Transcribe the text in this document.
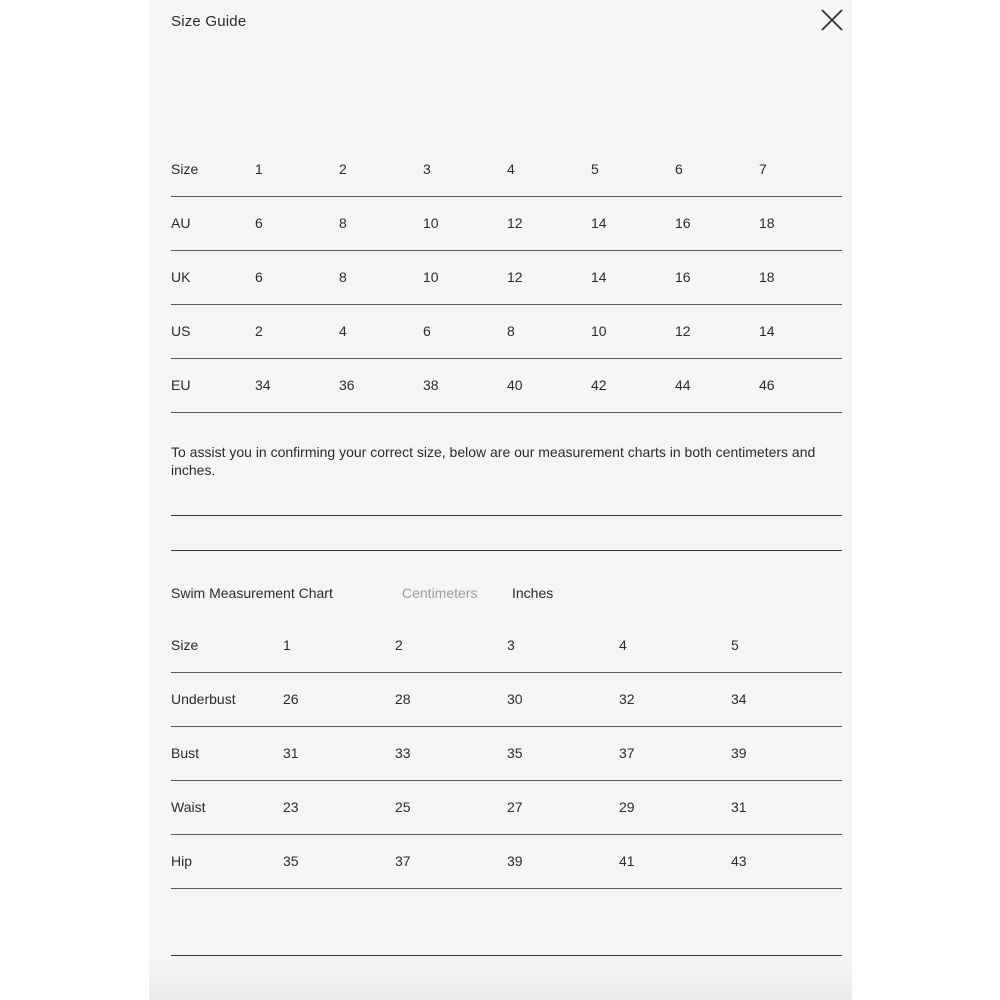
Size Guide
Size	1	2	3	4	5	6	7
AU	6	8	10	12	14	16	18
UK	6	8	10	12	14	16	18
US	2	4	6	8	10	12	14
EU	34	36	38	40	42	44	46
To assist you in confirming your correct size, below are our measurement charts in both centimeters and inches.
Swim Measurement Chart	Centimeters Inches
Size	1	2	3	4	5
Underbust	26	28	30	32	34
Bust	31	33	35	37	39
Waist	23	25	27	29	31
Hip	35	37	39	41	43
